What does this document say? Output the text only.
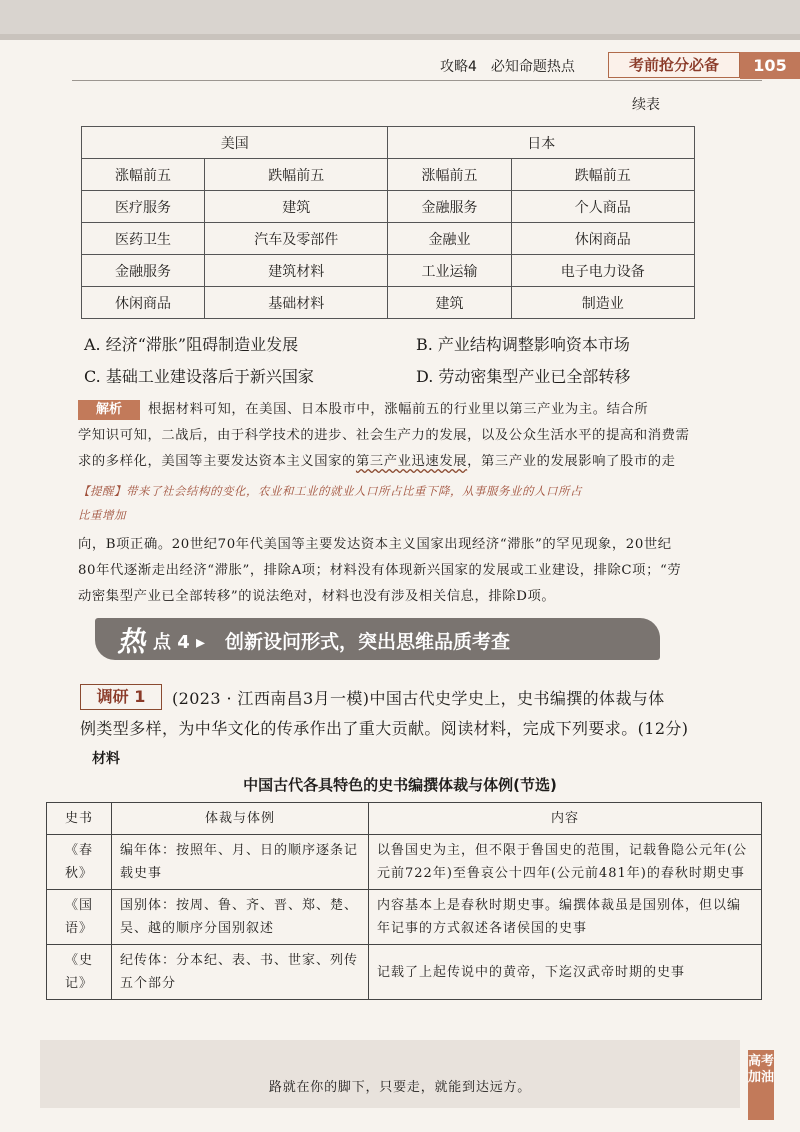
攻略4　必知命题热点	考前抢分必备	105
续表
美国		日本	
涨幅前五	跌幅前五	涨幅前五	跌幅前五
医疗服务	建筑	金融服务	个人商品
医药卫生	汽车及零部件	金融业	休闲商品
金融服务	建筑材料	工业运输	电子电力设备
休闲商品	基础材料	建筑	制造业
A. 经济“滞胀”阻碍制造业发展	B. 产业结构调整影响资本市场
C. 基础工业建设落后于新兴国家	D. 劳动密集型产业已全部转移
解析	根据材料可知，在美国、日本股市中，涨幅前五的行业里以第三产业为主。结合所
学知识可知，二战后，由于科学技术的进步、社会生产力的发展，以及公众生活水平的提高和消费需
求的多样化，美国等主要发达资本主义国家的第三产业迅速发展，第三产业的发展影响了股市的走
【提醒】带来了社会结构的变化，农业和工业的就业人口所占比重下降，从事服务业的人口所占
比重增加
向，B项正确。20世纪70年代美国等主要发达资本主义国家出现经济“滞胀”的罕见现象，20世纪
80年代逐渐走出经济“滞胀”，排除A项；材料没有体现新兴国家的发展或工业建设，排除C项；“劳
动密集型产业已全部转移”的说法绝对，材料也没有涉及相关信息，排除D项。
热 点 4 ▸ 创新设问形式，突出思维品质考查
调研 1	(2023 · 江西南昌3月一模)中国古代史学史上，史书编撰的体裁与体
例类型多样，为中华文化的传承作出了重大贡献。阅读材料，完成下列要求。(12分)
材料
中国古代各具特色的史书编撰体裁与体例(节选)
史书	体裁与体例	内容
《春秋》	编年体：按照年、月、日的顺序逐条记载史事	以鲁国史为主，但不限于鲁国史的范围，记载鲁隐公元年(公元前722年)至鲁哀公十四年(公元前481年)的春秋时期史事
《国语》	国别体：按周、鲁、齐、晋、郑、楚、吴、越的顺序分国别叙述	内容基本上是春秋时期史事。编撰体裁虽是国别体，但以编年记事的方式叙述各诸侯国的史事
《史记》	纪传体：分本纪、表、书、世家、列传五个部分	记载了上起传说中的黄帝，下迄汉武帝时期的史事
路就在你的脚下，只要走，就能到达远方。
高考加油
